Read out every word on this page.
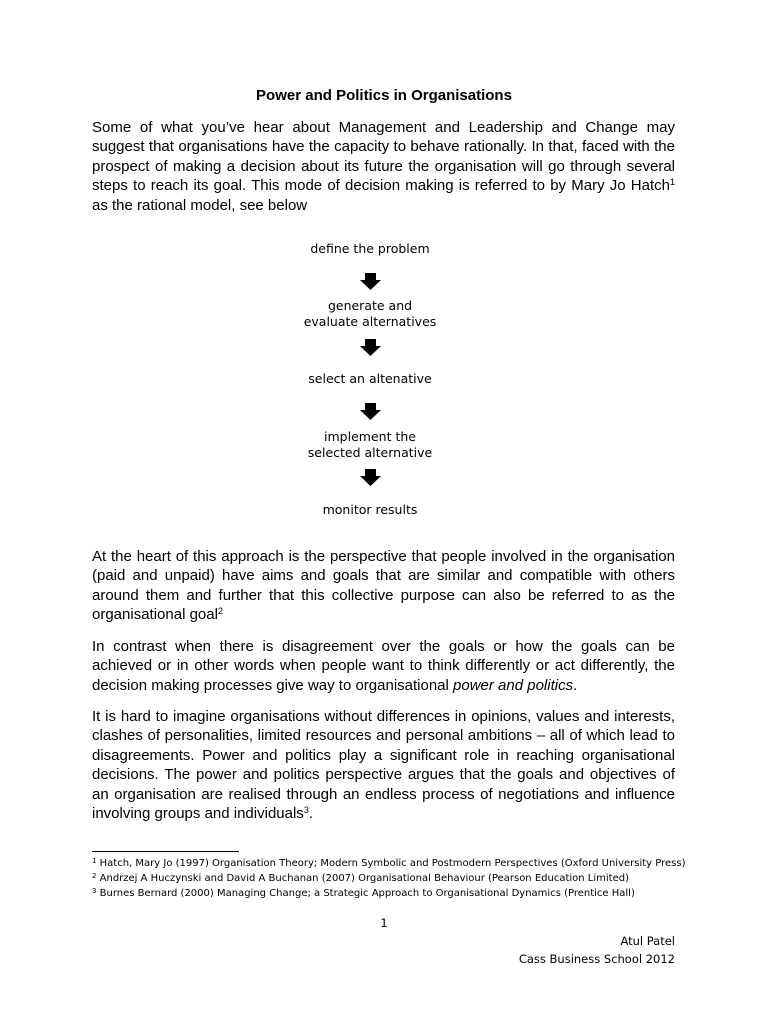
Power and Politics in Organisations

Some of what you’ve hear about Management and Leadership and Change may suggest that organisations have the capacity to behave rationally. In that, faced with the prospect of making a decision about its future the organisation will go through several steps to reach its goal. This mode of decision making is referred to by Mary Jo Hatch$^1$ as the rational model, see below

define the problem
generate and
evaluate alternatives
select an altenative
implement the
selected alternative
monitor results

At the heart of this approach is the perspective that people involved in the organisation (paid and unpaid) have aims and goals that are similar and compatible with others around them and further that this collective purpose can also be referred to as the organisational goal$^2$

In contrast when there is disagreement over the goals or how the goals can be achieved or in other words when people want to think differently or act differently, the decision making processes give way to organisational power and politics.

It is hard to imagine organisations without differences in opinions, values and interests, clashes of personalities, limited resources and personal ambitions – all of which lead to disagreements. Power and politics play a significant role in reaching organisational decisions. The power and politics perspective argues that the goals and objectives of an organisation are realised through an endless process of negotiations and influence involving groups and individuals$^3$.

$^1$ Hatch, Mary Jo (1997) Organisation Theory; Modern Symbolic and Postmodern Perspectives (Oxford University Press)
$^2$ Andrzej A Huczynski and David A Buchanan (2007) Organisational Behaviour (Pearson Education Limited)
$^3$ Burnes Bernard (2000) Managing Change; a Strategic Approach to Organisational Dynamics (Prentice Hall)
1
Atul Patel
Cass Business School 2012
